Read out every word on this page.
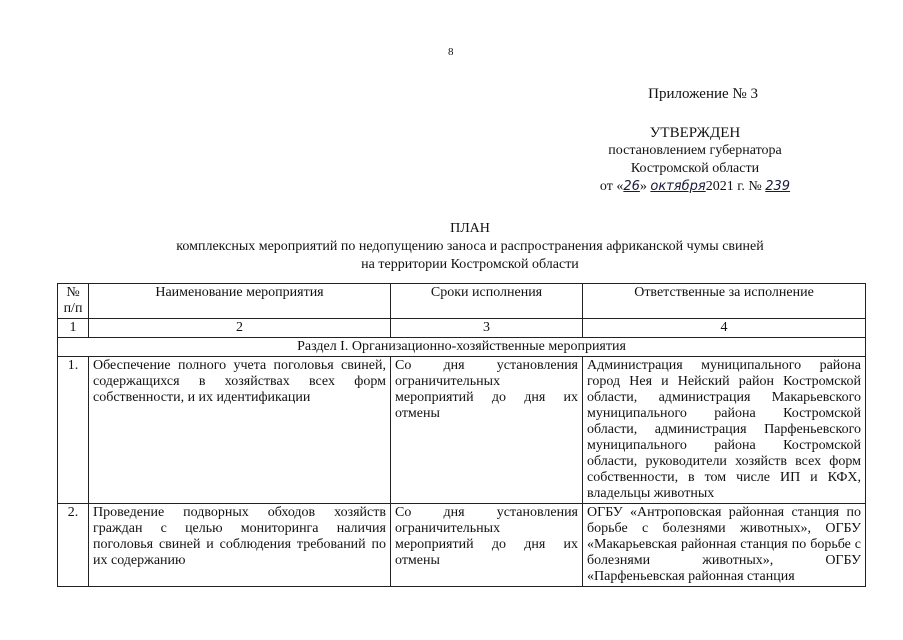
8
Приложение № 3
УТВЕРЖДЕН
постановлением губернатора
Костромской области
от «26» октября2021 г. № 239
ПЛАН
комплексных мероприятий по недопущению заноса и распространения африканской чумы свиней
на территории Костромской области
№ п/п	Наименование мероприятия	Сроки исполнения	Ответственные за исполнение
1	2	3	4
Раздел I. Организационно-хозяйственные мероприятия			
1.	Обеспечение полного учета поголовья свиней, содержащихся в хозяйствах всех форм собственности, и их идентификации	Со дня установления ограничительных мероприятий до дня их отмены	Администрация муниципального района город Нея и Нейский район Костромской области, администрация Макарьевского муниципального района Костромской области, администрация Парфеньевского муниципального района Костромской области, руководители хозяйств всех форм собственности, в том числе ИП и КФХ, владельцы животных
2.	Проведение подворных обходов хозяйств граждан с целью мониторинга наличия поголовья свиней и соблюдения требований по их содержанию	Со дня установления ограничительных мероприятий до дня их отмены	ОГБУ «Антроповская районная станция по борьбе с болезнями животных», ОГБУ «Макарьевская районная станция по борьбе с болезнями животных», ОГБУ «Парфеньевская районная станция
